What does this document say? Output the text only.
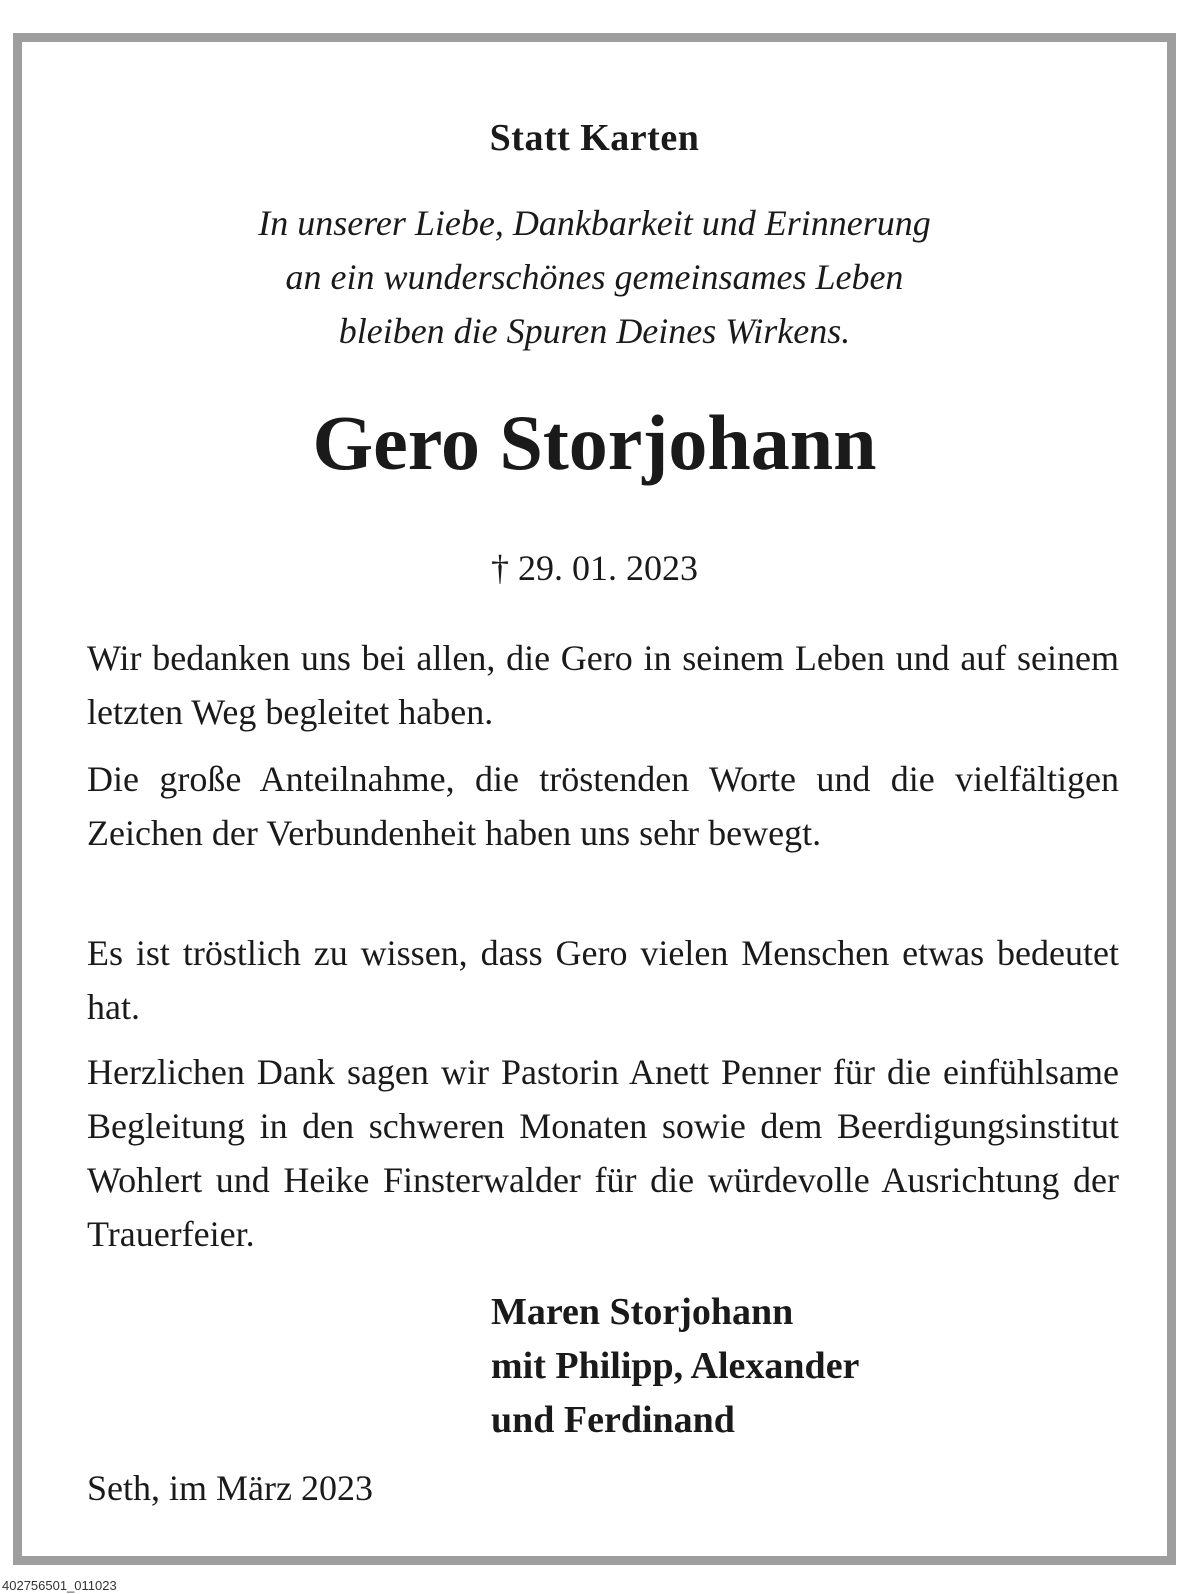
Statt Karten
In unserer Liebe, Dankbarkeit und Erinnerung
an ein wunderschönes gemeinsames Leben
bleiben die Spuren Deines Wirkens.
Gero Storjohann
† 29. 01. 2023
Wir bedanken uns bei allen, die Gero in seinem Leben und auf seinem letzten Weg begleitet haben.
Die große Anteilnahme, die tröstenden Worte und die vielfältigen Zeichen der Verbundenheit haben uns sehr bewegt.
Es ist tröstlich zu wissen, dass Gero vielen Menschen etwas bedeutet hat.
Herzlichen Dank sagen wir Pastorin Anett Penner für die einfühlsame Begleitung in den schweren Monaten sowie dem Beerdigungsinstitut Wohlert und Heike Finsterwalder für die würdevolle Ausrichtung der Trauerfeier.
Maren Storjohann
mit Philipp, Alexander
und Ferdinand
Seth, im März 2023
402756501_011023
